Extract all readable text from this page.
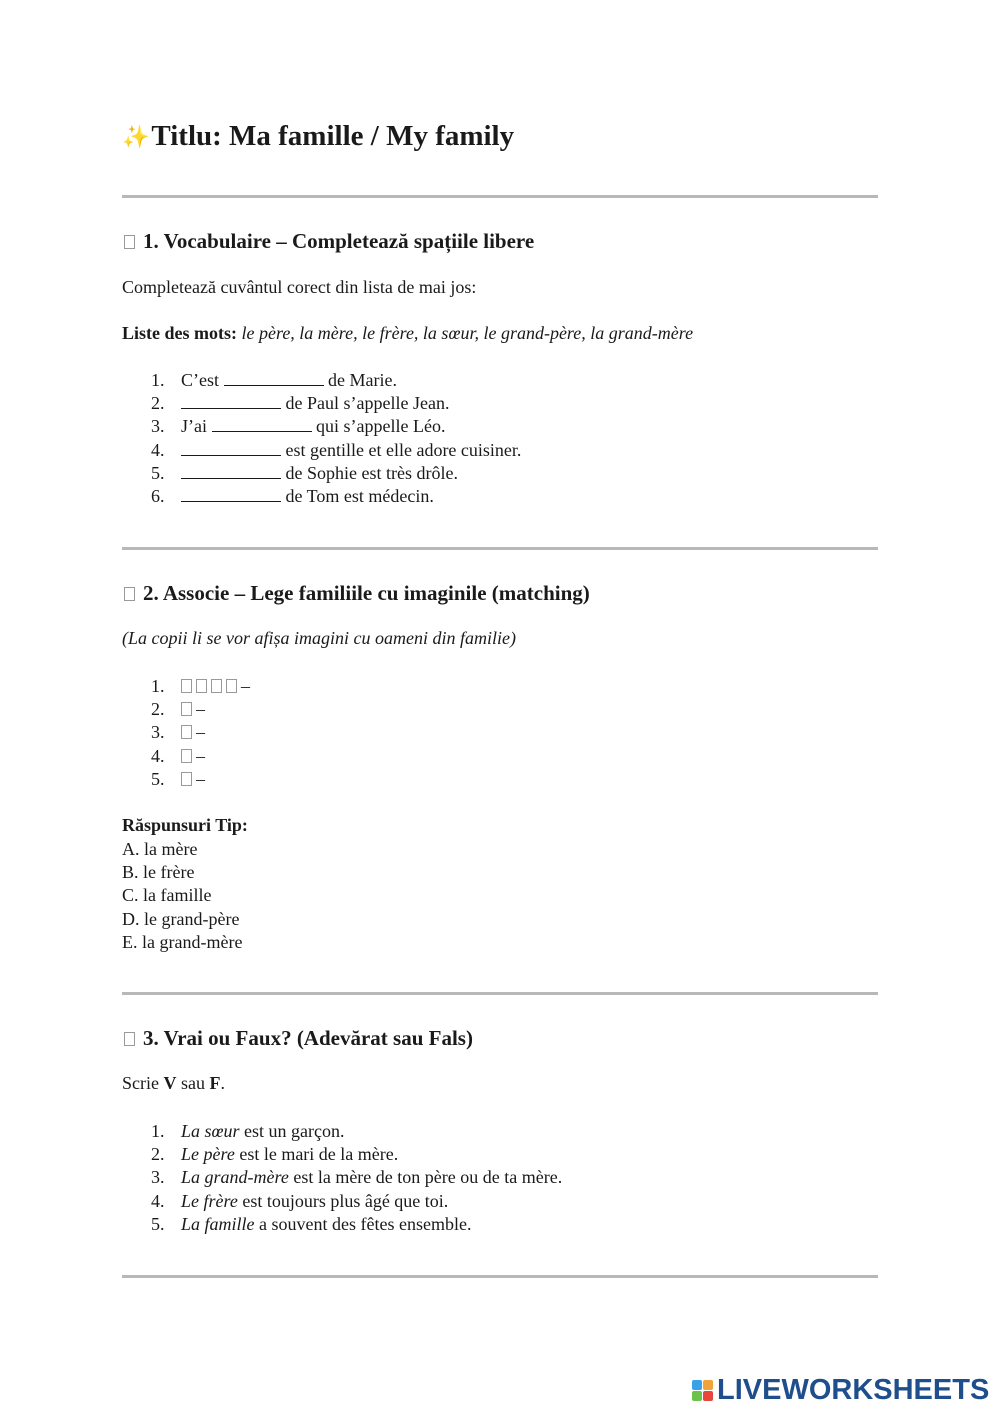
✨ Titlu: Ma famille / My family
1. Vocabulaire – Completează spațiile libere
Completează cuvântul corect din lista de mai jos:
Liste des mots: le père, la mère, le frère, la sœur, le grand-père, la grand-mère
1. C’est	de Marie.
2.	de Paul s’appelle Jean.
3. J’ai	qui s’appelle Léo.
4.	est gentille et elle adore cuisiner.
5.	de Sophie est très drôle.
6.	de Tom est médecin.
2. Associe – Lege familiile cu imaginile (matching)
(La copii li se vor afișa imagini cu oameni din familie)
1.	–
2.	–
3.	–
4.	–
5.	–
Răspunsuri Tip:
A. la mère
B. le frère
C. la famille
D. le grand-père
E. la grand-mère
3. Vrai ou Faux? (Adevărat sau Fals)
Scrie V sau F.
1. La sœur est un garçon.
2. Le père est le mari de la mère.
3. La grand-mère est la mère de ton père ou de ta mère.
4. Le frère est toujours plus âgé que toi.
5. La famille a souvent des fêtes ensemble.
LIVEWORKSHEETS
